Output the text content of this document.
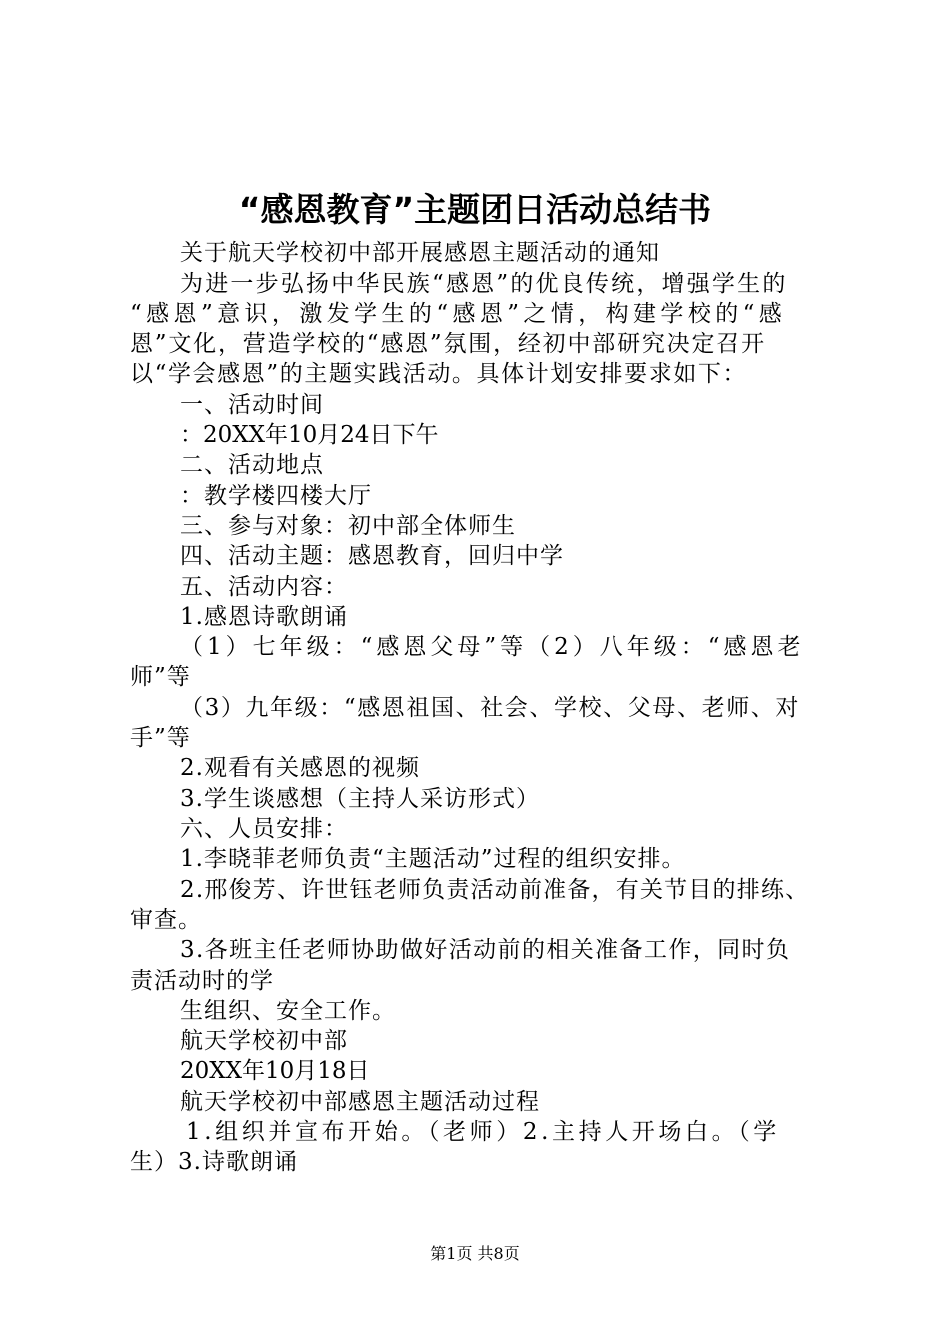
“感恩教育”主题团日活动总结书
关于航天学校初中部开展感恩主题活动的通知
为进一步弘扬中华民族“感恩”的优良传统，增强学生的
“感恩”意识，激发学生的“感恩”之情，构建学校的“感
恩”文化，营造学校的“感恩”氛围，经初中部研究决定召开
以“学会感恩”的主题实践活动。具体计划安排要求如下：
一、活动时间
：20XX年10月24日下午
二、活动地点
：教学楼四楼大厅
三、参与对象：初中部全体师生
四、活动主题：感恩教育，回归中学
五、活动内容：
1.感恩诗歌朗诵
（1）七年级：“感恩父母”等（2）八年级：“感恩老
师”等
（3）九年级：“感恩祖国、社会、学校、父母、老师、对
手”等
2.观看有关感恩的视频
3.学生谈感想（主持人采访形式）
六、人员安排：
1.李晓菲老师负责“主题活动”过程的组织安排。
2.邢俊芳、许世钰老师负责活动前准备，有关节目的排练、
审查。
3.各班主任老师协助做好活动前的相关准备工作，同时负
责活动时的学
生组织、安全工作。
航天学校初中部
20XX年10月18日
航天学校初中部感恩主题活动过程
1.组织并宣布开始。（老师）2.主持人开场白。（学
生）3.诗歌朗诵
第1页 共8页
